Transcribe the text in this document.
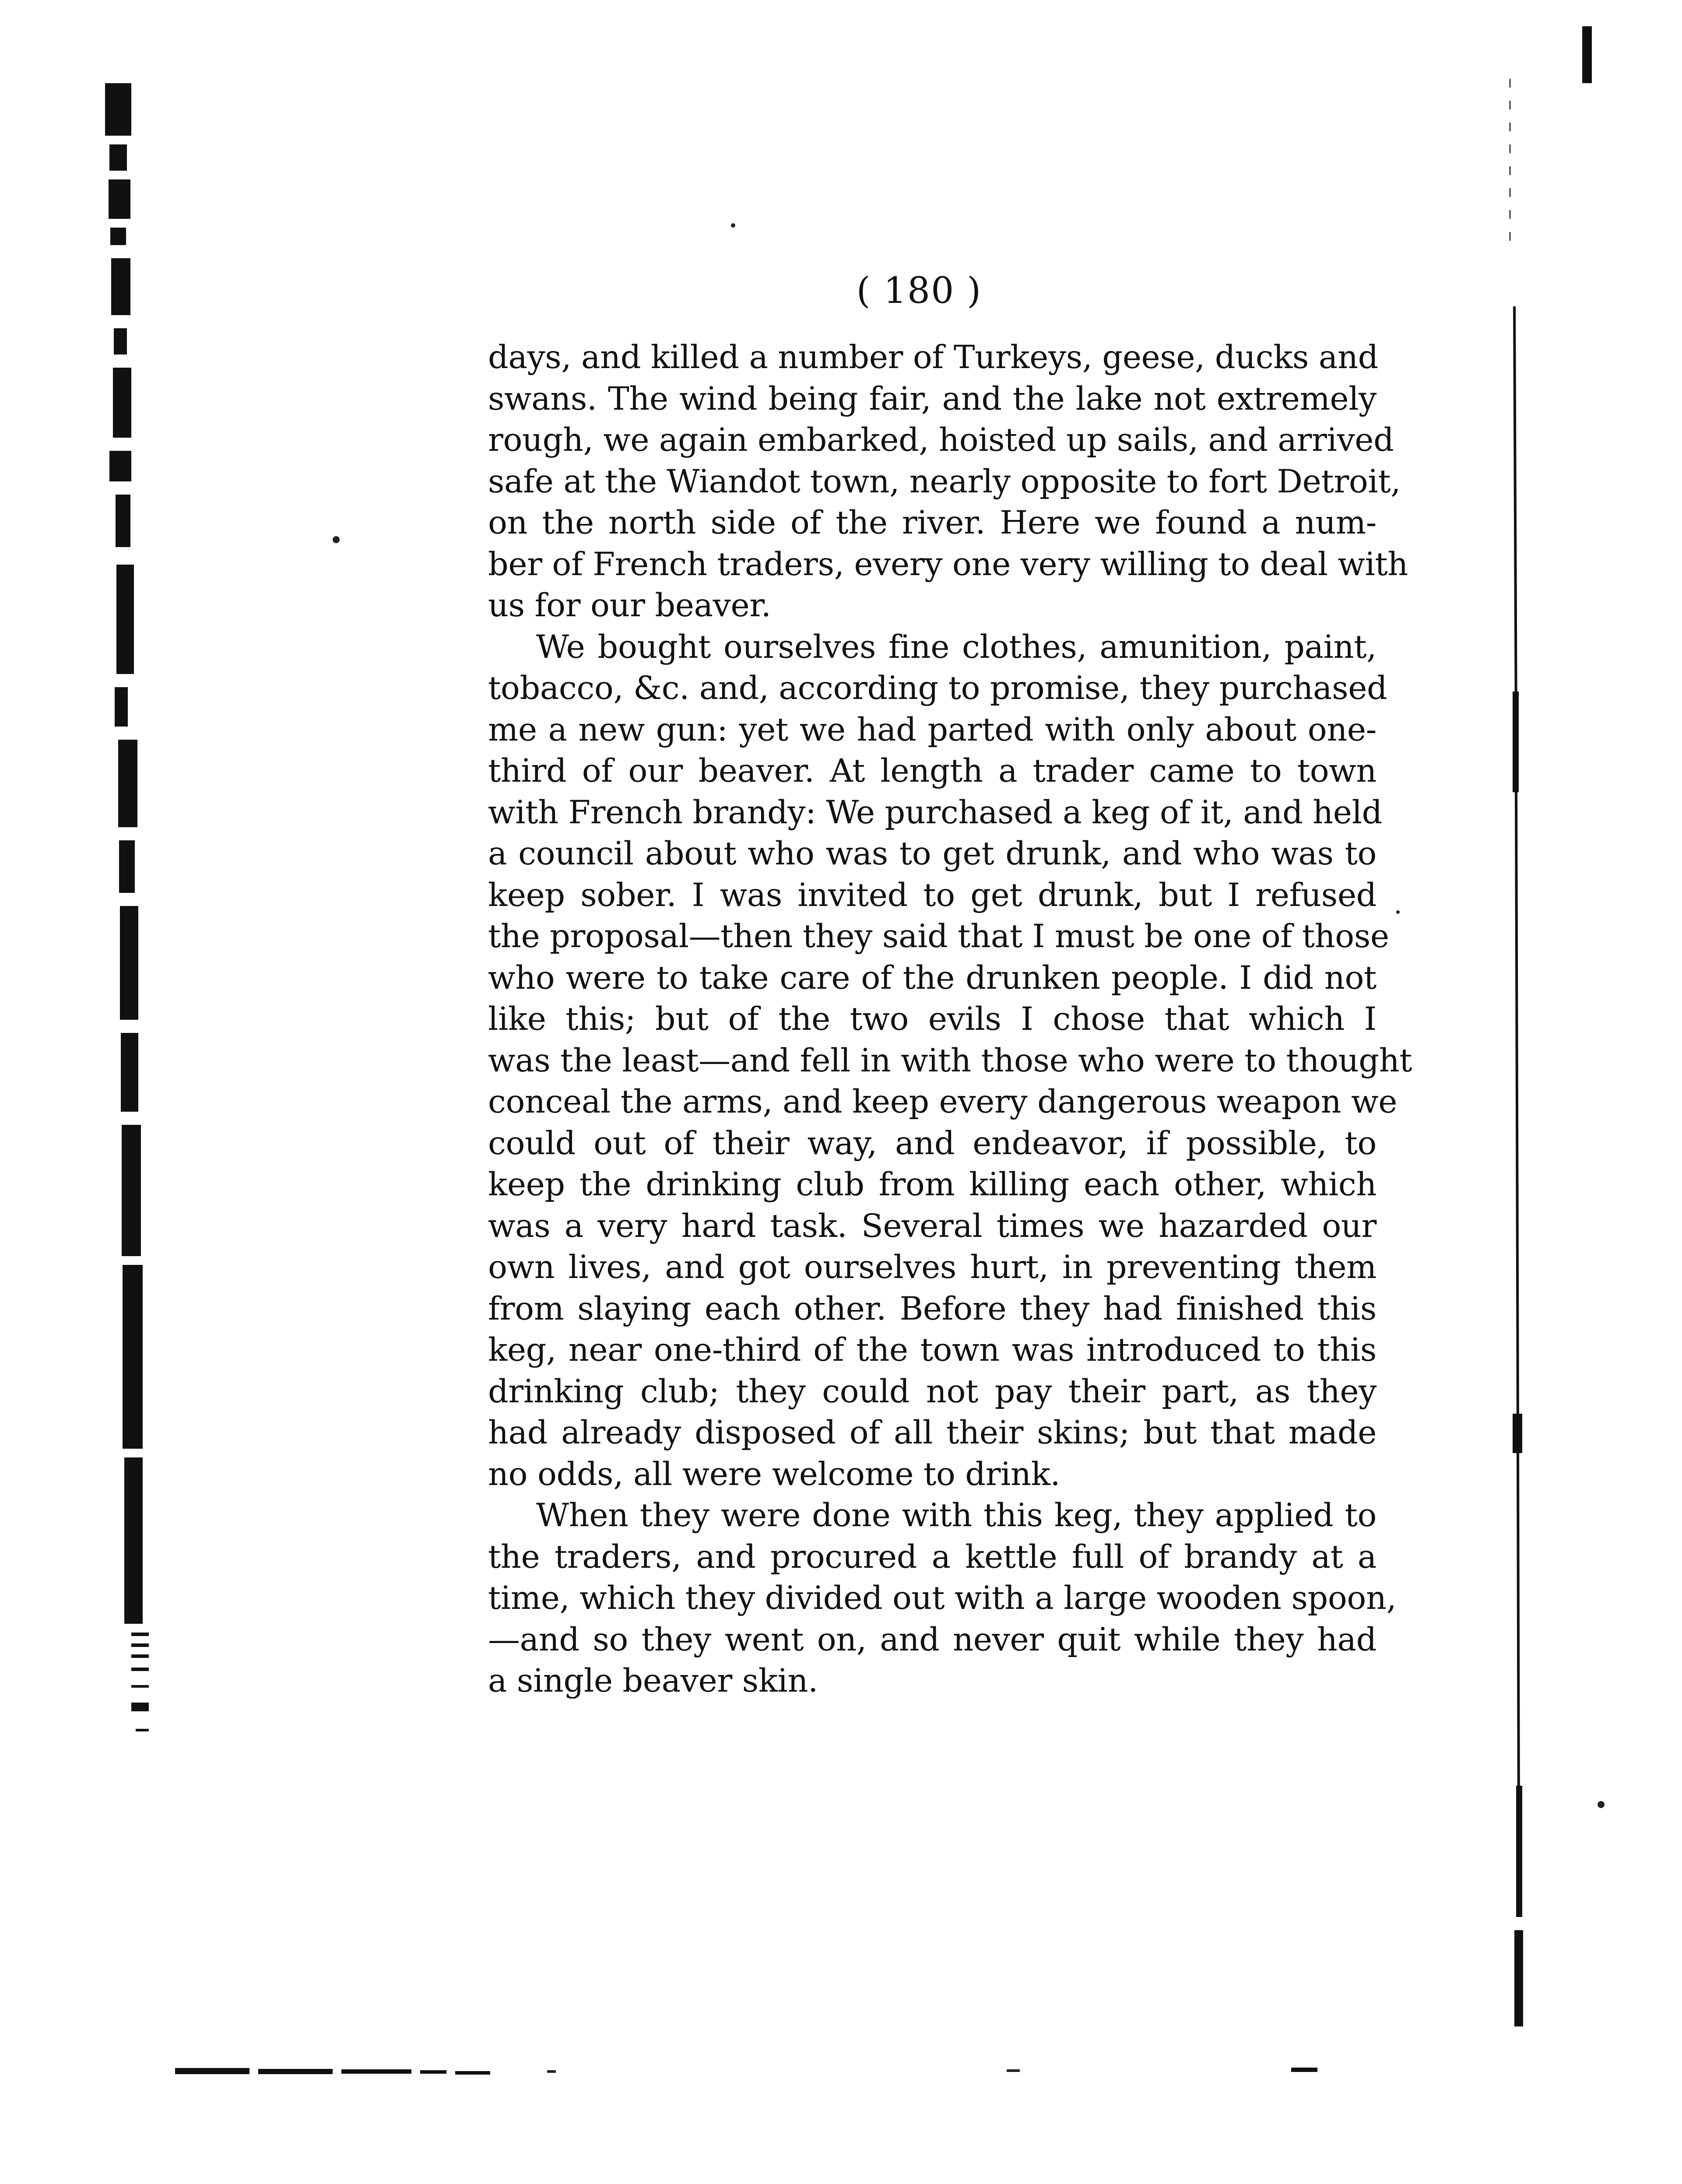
( 180 )
days, and killed a number of Turkeys, geese, ducks and
swans. The wind being fair, and the lake not extremely
rough, we again embarked, hoisted up sails, and arrived
safe at the Wiandot town, nearly opposite to fort Detroit,
on the north side of the river. Here we found a num-
ber of French traders, every one very willing to deal with
us for our beaver.
We bought ourselves fine clothes, amunition, paint,
tobacco, &c. and, according to promise, they purchased
me a new gun: yet we had parted with only about one-
third of our beaver. At length a trader came to town
with French brandy: We purchased a keg of it, and held
a council about who was to get drunk, and who was to
keep sober. I was invited to get drunk, but I refused
the proposal—then they said that I must be one of those
who were to take care of the drunken people. I did not
like this; but of the two evils I chose that which I
was the least—and fell in with those who were to thought
conceal the arms, and keep every dangerous weapon we
could out of their way, and endeavor, if possible, to
keep the drinking club from killing each other, which
was a very hard task. Several times we hazarded our
own lives, and got ourselves hurt, in preventing them
from slaying each other. Before they had finished this
keg, near one-third of the town was introduced to this
drinking club; they could not pay their part, as they
had already disposed of all their skins; but that made
no odds, all were welcome to drink.
When they were done with this keg, they applied to
the traders, and procured a kettle full of brandy at a
time, which they divided out with a large wooden spoon,
—and so they went on, and never quit while they had
a single beaver skin.
